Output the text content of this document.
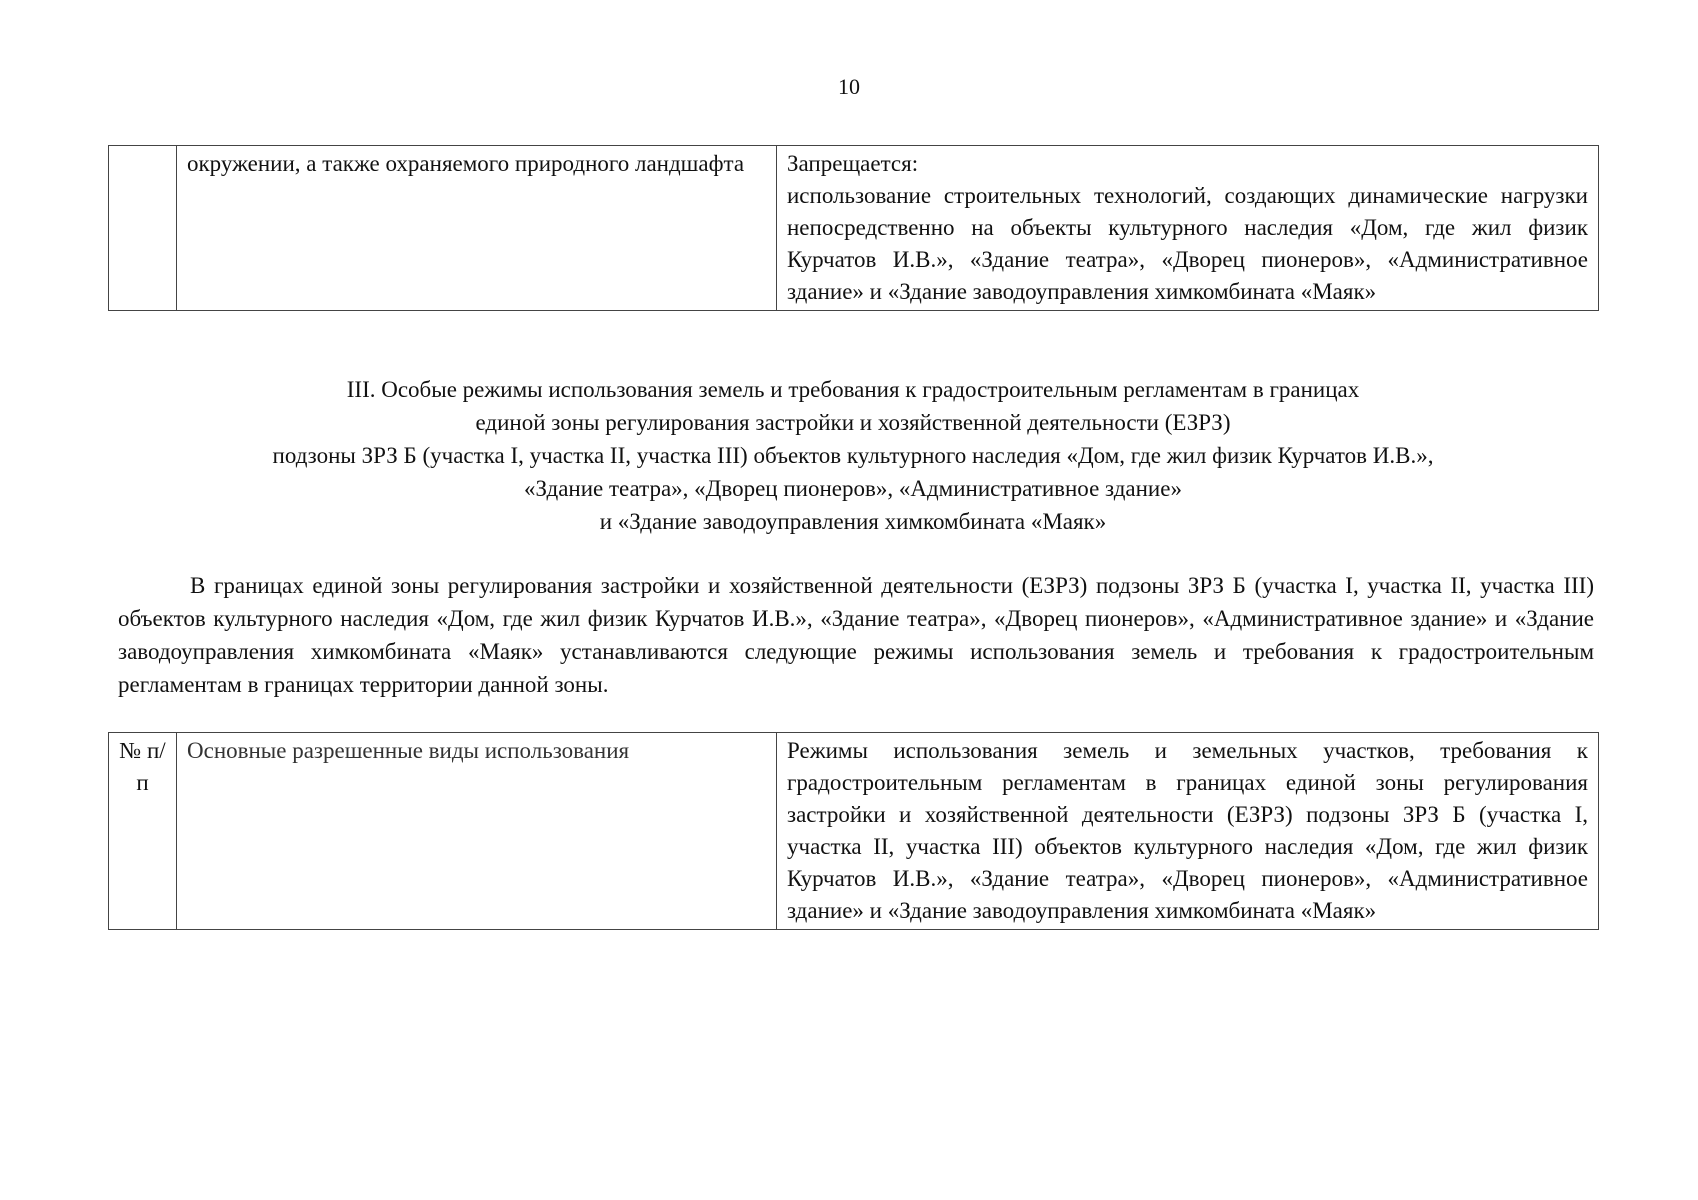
10
	окружении, а также охраняемого природного ландшафта	Запрещается:
использование строительных технологий, создающих динамические нагрузки непосредственно на объекты культурного наследия «Дом, где жил физик Курчатов И.В.», «Здание театра», «Дворец пионеров», «Административное здание» и «Здание заводоуправления химкомбината «Маяк»
III. Особые режимы использования земель и требования к градостроительным регламентам в границах
единой зоны регулирования застройки и хозяйственной деятельности (ЕЗРЗ)
подзоны ЗРЗ Б (участка I, участка II, участка III) объектов культурного наследия «Дом, где жил физик Курчатов И.В.»,
«Здание театра», «Дворец пионеров», «Административное здание»
и «Здание заводоуправления химкомбината «Маяк»

В границах единой зоны регулирования застройки и хозяйственной деятельности (ЕЗРЗ) подзоны ЗРЗ Б (участка I, участка II, участка III) объектов культурного наследия «Дом, где жил физик Курчатов И.В.», «Здание театра», «Дворец пионеров», «Административное здание» и «Здание заводоуправления химкомбината «Маяк» устанавливаются следующие режимы использования земель и требования к градостроительным регламентам в границах территории данной зоны.

№ п/п	Основные разрешенные виды использования	Режимы использования земель и земельных участков, требования к градостроительным регламентам в границах единой зоны регулирования застройки и хозяйственной деятельности (ЕЗРЗ) подзоны ЗРЗ Б (участка I, участка II, участка III) объектов культурного наследия «Дом, где жил физик Курчатов И.В.», «Здание театра», «Дворец пионеров», «Административное здание» и «Здание заводоуправления химкомбината «Маяк»
